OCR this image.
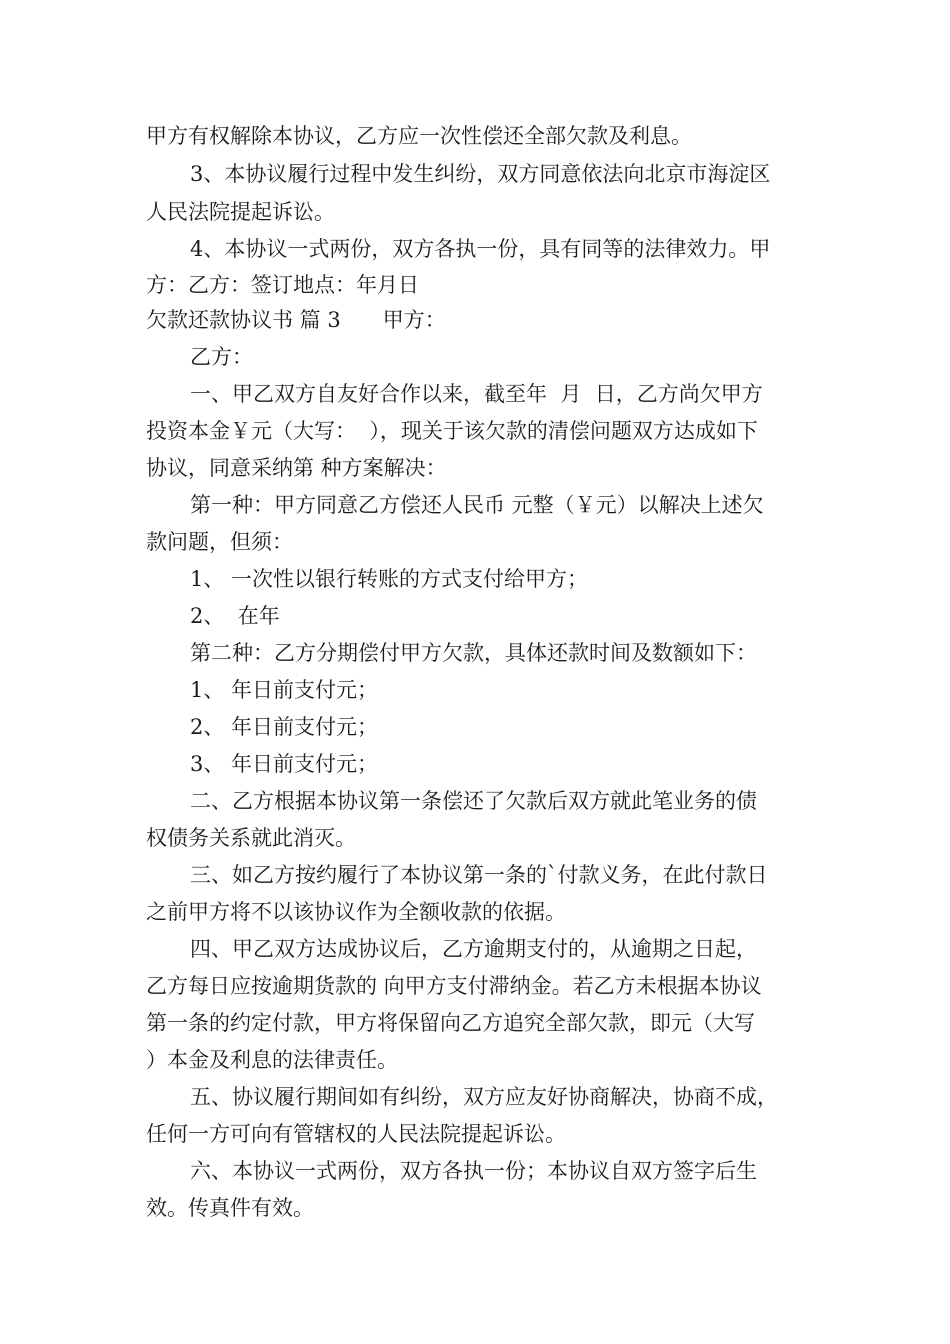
甲方有权解除本协议，乙方应一次性偿还全部欠款及利息。
3、本协议履行过程中发生纠纷，双方同意依法向北京市海淀区
人民法院提起诉讼。
4、本协议一式两份，双方各执一份，具有同等的法律效力。甲
方：乙方：签订地点：年月日
欠款还款协议书 篇 3　　甲方：
乙方：
一、甲乙双方自友好合作以来，截至年  月  日，乙方尚欠甲方
投资本金￥元（大写：  ），现关于该欠款的清偿问题双方达成如下
协议，同意采纳第 种方案解决：
第一种：甲方同意乙方偿还人民币 元整（￥元）以解决上述欠
款问题，但须：
1、 一次性以银行转账的方式支付给甲方；
2、  在年
第二种：乙方分期偿付甲方欠款，具体还款时间及数额如下：
1、 年日前支付元；
2、 年日前支付元；
3、 年日前支付元；
二、乙方根据本协议第一条偿还了欠款后双方就此笔业务的债
权债务关系就此消灭。
三、如乙方按约履行了本协议第一条的`付款义务，在此付款日
之前甲方将不以该协议作为全额收款的依据。
四、甲乙双方达成协议后，乙方逾期支付的，从逾期之日起，
乙方每日应按逾期货款的 向甲方支付滞纳金。若乙方未根据本协议
第一条的约定付款，甲方将保留向乙方追究全部欠款，即元（大写
）本金及利息的法律责任。
五、协议履行期间如有纠纷，双方应友好协商解决，协商不成，
任何一方可向有管辖权的人民法院提起诉讼。
六、本协议一式两份，双方各执一份；本协议自双方签字后生
效。传真件有效。
